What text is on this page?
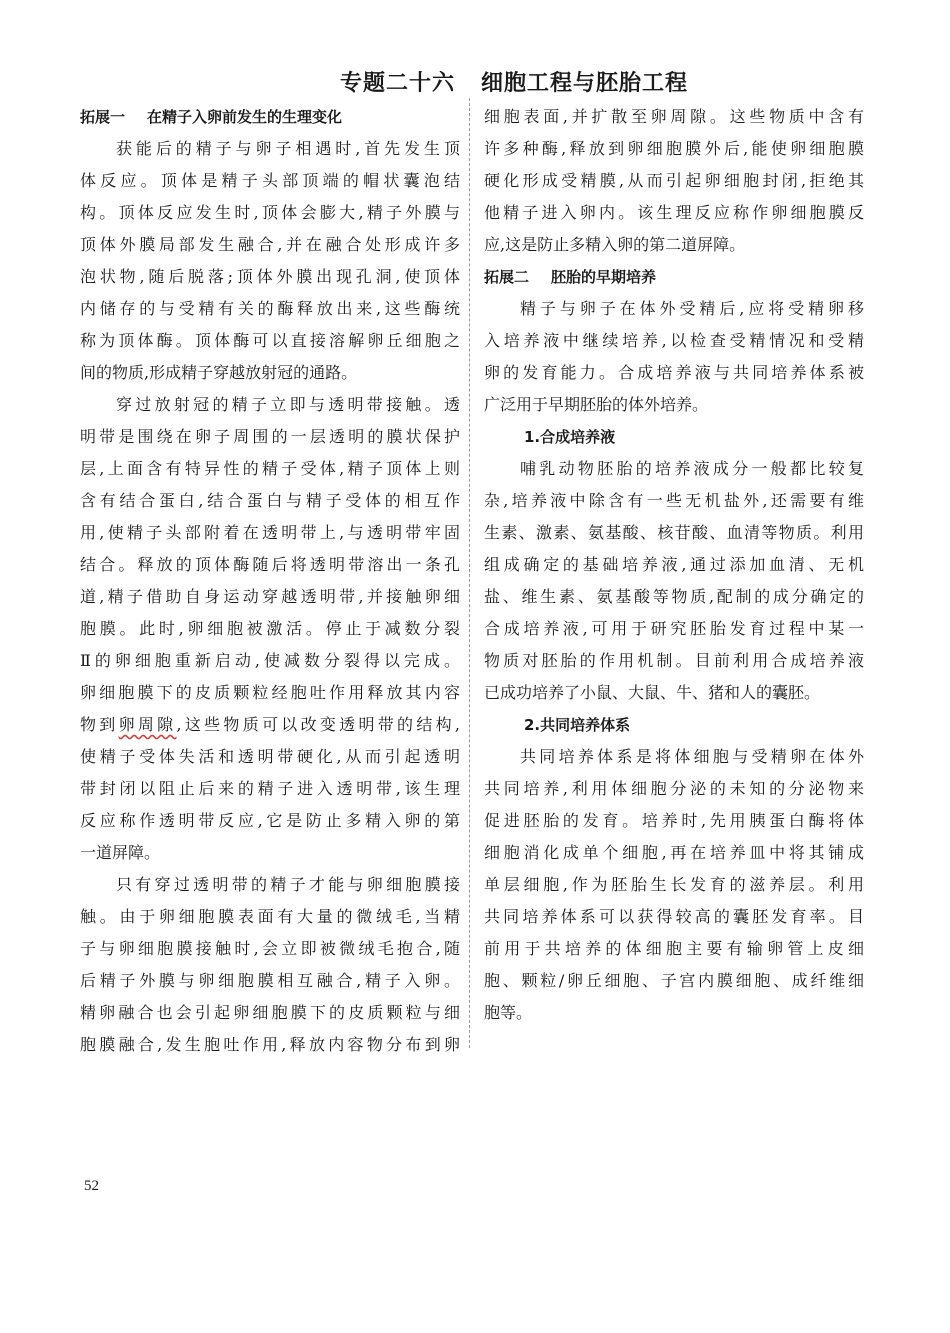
专题二十六 细胞工程与胚胎工程
拓展一 在精子入卵前发生的生理变化
获能后的精子与卵子相遇时,首先发生顶
体反应。顶体是精子头部顶端的帽状囊泡结
构。顶体反应发生时,顶体会膨大,精子外膜与
顶体外膜局部发生融合,并在融合处形成许多
泡状物,随后脱落;顶体外膜出现孔洞,使顶体
内储存的与受精有关的酶释放出来,这些酶统
称为顶体酶。顶体酶可以直接溶解卵丘细胞之
间的物质,形成精子穿越放射冠的通路。
穿过放射冠的精子立即与透明带接触。透
明带是围绕在卵子周围的一层透明的膜状保护
层,上面含有特异性的精子受体,精子顶体上则
含有结合蛋白,结合蛋白与精子受体的相互作
用,使精子头部附着在透明带上,与透明带牢固
结合。释放的顶体酶随后将透明带溶出一条孔
道,精子借助自身运动穿越透明带,并接触卵细
胞膜。此时,卵细胞被激活。停止于减数分裂
Ⅱ的卵细胞重新启动,使减数分裂得以完成。
卵细胞膜下的皮质颗粒经胞吐作用释放其内容
物到卵周隙,这些物质可以改变透明带的结构,
使精子受体失活和透明带硬化,从而引起透明
带封闭以阻止后来的精子进入透明带,该生理
反应称作透明带反应,它是防止多精入卵的第
一道屏障。
只有穿过透明带的精子才能与卵细胞膜接
触。由于卵细胞膜表面有大量的微绒毛,当精
子与卵细胞膜接触时,会立即被微绒毛抱合,随
后精子外膜与卵细胞膜相互融合,精子入卵。
精卵融合也会引起卵细胞膜下的皮质颗粒与细
胞膜融合,发生胞吐作用,释放内容物分布到卵
细胞表面,并扩散至卵周隙。这些物质中含有
许多种酶,释放到卵细胞膜外后,能使卵细胞膜
硬化形成受精膜,从而引起卵细胞封闭,拒绝其
他精子进入卵内。该生理反应称作卵细胞膜反
应,这是防止多精入卵的第二道屏障。
拓展二 胚胎的早期培养
精子与卵子在体外受精后,应将受精卵移
入培养液中继续培养,以检查受精情况和受精
卵的发育能力。合成培养液与共同培养体系被
广泛用于早期胚胎的体外培养。
1.合成培养液
哺乳动物胚胎的培养液成分一般都比较复
杂,培养液中除含有一些无机盐外,还需要有维
生素、激素、氨基酸、核苷酸、血清等物质。利用
组成确定的基础培养液,通过添加血清、无机
盐、维生素、氨基酸等物质,配制的成分确定的
合成培养液,可用于研究胚胎发育过程中某一
物质对胚胎的作用机制。目前利用合成培养液
已成功培养了小鼠、大鼠、牛、猪和人的囊胚。
2.共同培养体系
共同培养体系是将体细胞与受精卵在体外
共同培养,利用体细胞分泌的未知的分泌物来
促进胚胎的发育。培养时,先用胰蛋白酶将体
细胞消化成单个细胞,再在培养皿中将其铺成
单层细胞,作为胚胎生长发育的滋养层。利用
共同培养体系可以获得较高的囊胚发育率。目
前用于共培养的体细胞主要有输卵管上皮细
胞、颗粒/卵丘细胞、子宫内膜细胞、成纤维细
胞等。
52
